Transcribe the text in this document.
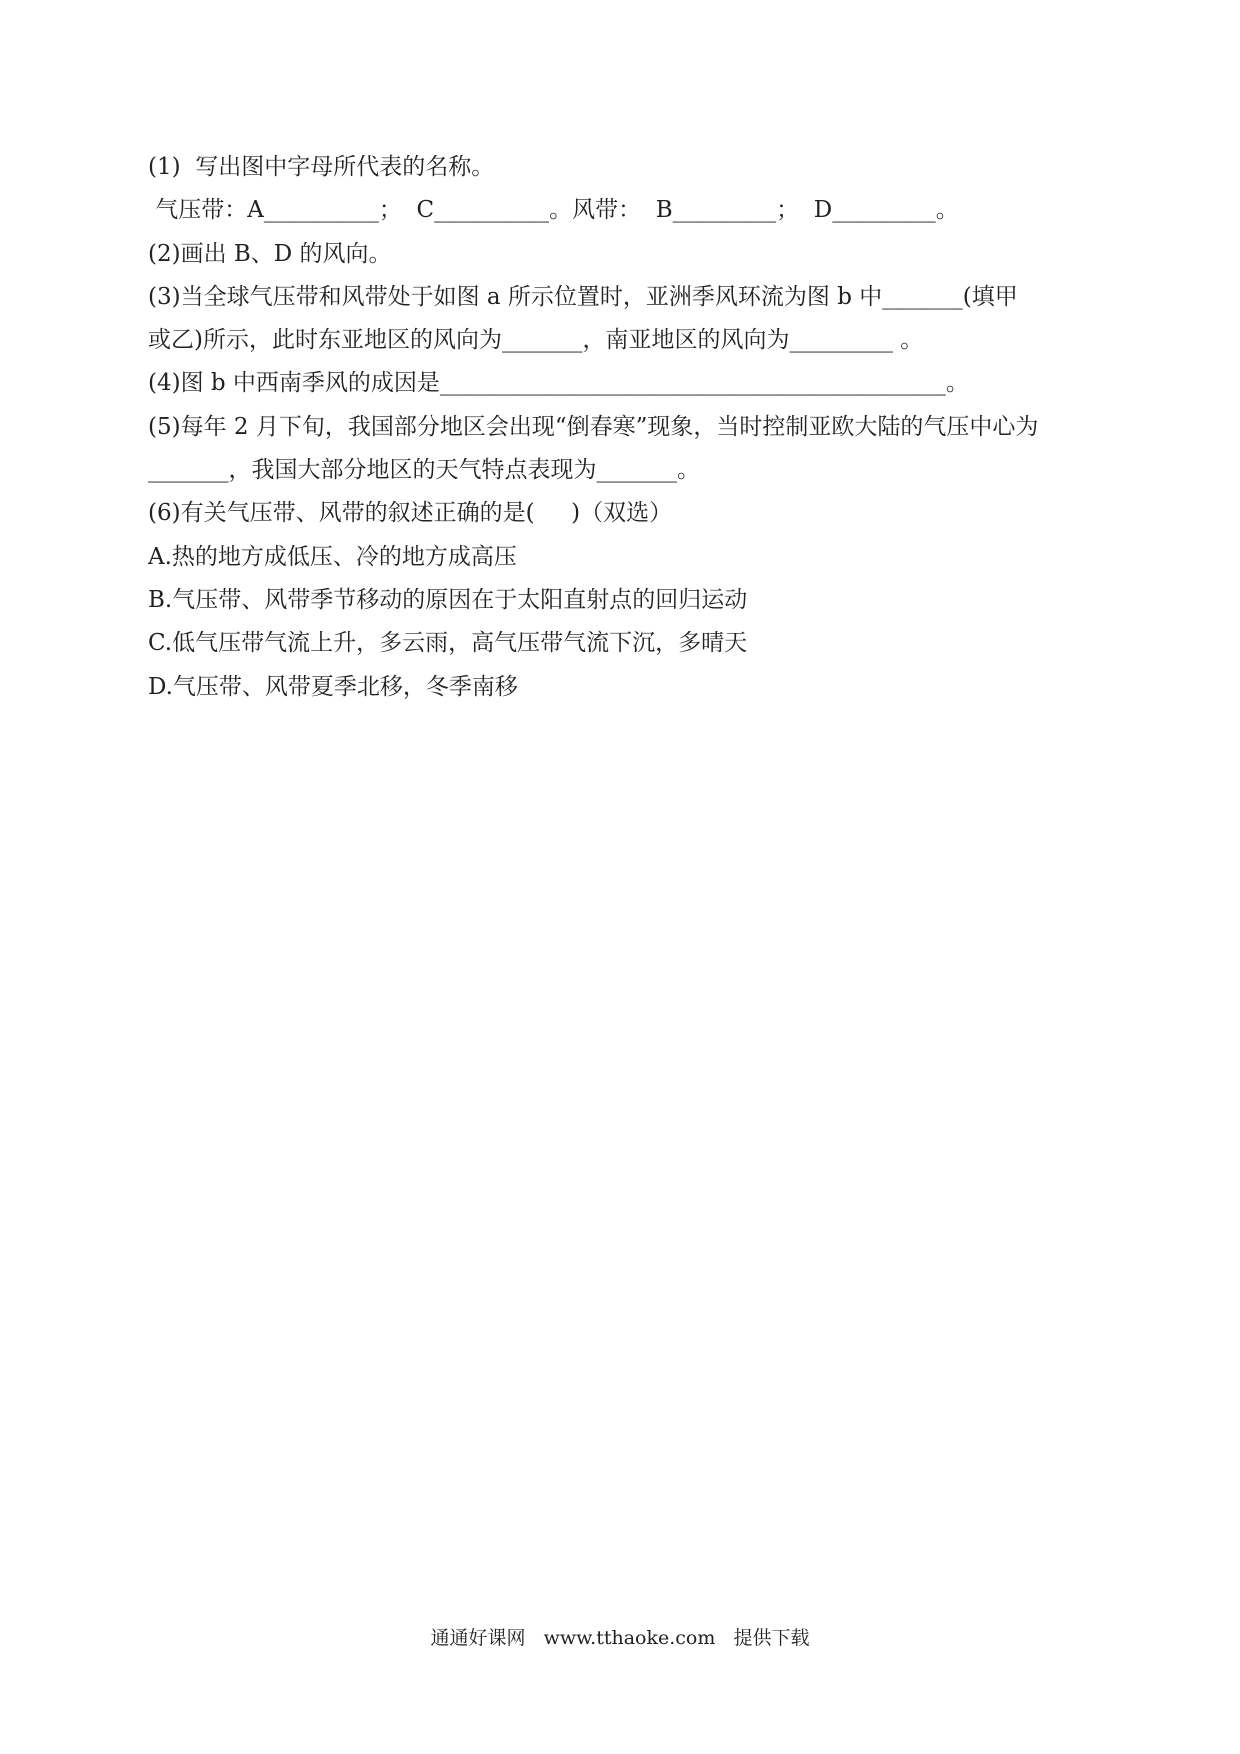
(1)  写出图中字母所代表的名称。

气压带：A__________；  C__________。风带：  B_________；  D_________。

(2)画出 B、D 的风向。

(3)当全球气压带和风带处于如图 a 所示位置时，亚洲季风环流为图 b 中_______(填甲

或乙)所示，此时东亚地区的风向为_______，南亚地区的风向为_________ 。

(4)图 b 中西南季风的成因是____________________________________________。

(5)每年 2 月下旬，我国部分地区会出现“倒春寒”现象，当时控制亚欧大陆的气压中心为

_______，我国大部分地区的天气特点表现为_______。

(6)有关气压带、风带的叙述正确的是(     )（双选）

A.热的地方成低压、冷的地方成高压

B.气压带、风带季节移动的原因在于太阳直射点的回归运动

C.低气压带气流上升，多云雨，高气压带气流下沉，多晴天

D.气压带、风带夏季北移，冬季南移

通通好课网   www.tthaoke.com   提供下载
